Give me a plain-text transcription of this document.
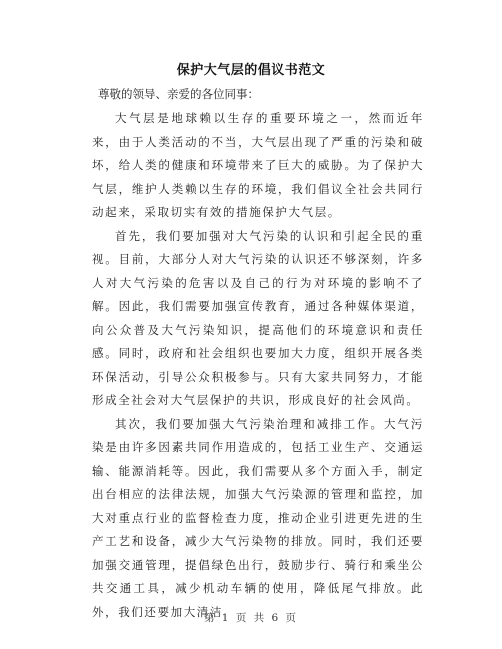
保护大气层的倡议书范文
尊敬的领导、亲爱的各位同事：

大气层是地球赖以生存的重要环境之一，然而近年来，由于人类活动的不当，大气层出现了严重的污染和破坏，给人类的健康和环境带来了巨大的威胁。为了保护大气层，维护人类赖以生存的环境，我们倡议全社会共同行动起来，采取切实有效的措施保护大气层。

首先，我们要加强对大气污染的认识和引起全民的重视。目前，大部分人对大气污染的认识还不够深刻，许多人对大气污染的危害以及自己的行为对环境的影响不了解。因此，我们需要加强宣传教育，通过各种媒体渠道，向公众普及大气污染知识，提高他们的环境意识和责任感。同时，政府和社会组织也要加大力度，组织开展各类环保活动，引导公众积极参与。只有大家共同努力，才能形成全社会对大气层保护的共识，形成良好的社会风尚。

其次，我们要加强大气污染治理和减排工作。大气污染是由许多因素共同作用造成的，包括工业生产、交通运输、能源消耗等。因此，我们需要从多个方面入手，制定出台相应的法律法规，加强大气污染源的管理和监控，加大对重点行业的监督检查力度，推动企业引进更先进的生产工艺和设备，减少大气污染物的排放。同时，我们还要加强交通管理，提倡绿色出行，鼓励步行、骑行和乘坐公共交通工具，减少机动车辆的使用，降低尾气排放。此外，我们还要加大清洁

第 1 页 共 6 页
